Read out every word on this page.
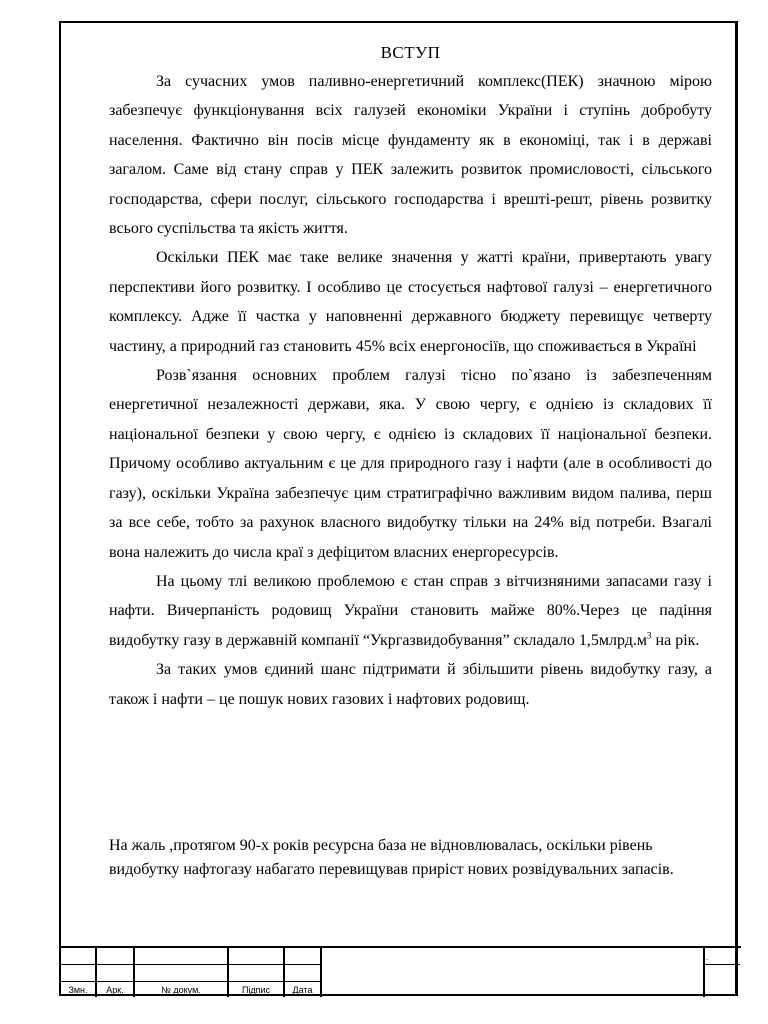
ВСТУП

За сучасних умов паливно-енергетичний комплекс(ПЕК) значною мірою забезпечує функціонування всіх галузей економіки України і ступінь добробуту населення. Фактично він посів місце фундаменту як в економіці, так і в державі загалом. Саме від стану справ у ПЕК залежить розвиток промисловості, сільського господарства, сфери послуг, сільського господарства і врешті-решт, рівень розвитку всього суспільства та якість життя.

Оскільки ПЕК має таке велике значення у жатті країни, привертають увагу перспективи його розвитку. І особливо це стосується нафтової галузі – енергетичного комплексу. Адже її частка у наповненні державного бюджету перевищує четверту частину, а природний газ становить 45% всіх енергоносіїв, що споживається в Україні

Розв`язання основних проблем галузі тісно по`язано із забезпеченням енергетичної незалежності держави, яка. У свою чергу, є однією із складових її національної безпеки у свою чергу, є однією із складових її національної безпеки. Причому особливо актуальним є це для природного газу і нафти (але в особливості до газу), оскільки Україна забезпечує цим стратиграфічно важливим видом палива, перш за все себе, тобто за рахунок власного видобутку тільки на 24% від потреби. Взагалі вона належить до числа краї з дефіцитом власних енергоресурсів.

На цьому тлі великою проблемою є стан справ з вітчизняними запасами газу і нафти. Вичерпаність родовищ України становить майже 80%.Через це падіння видобутку газу в державній компанії “Укргазвидобування” складало $1,5млрд.м^3$ на рік.

За таких умов єдиний шанс підтримати й збільшити рівень видобутку газу, а також і нафти – це пошук нових газових і нафтових родовищ.

На жаль ,протягом 90-х років ресурсна база не відновлювалась, оскільки рівень видобутку нафтогазу набагато перевищував приріст нових розвідувальних запасів.

Змн.	Арк.	№ докум.	Підпис	Дата
.
